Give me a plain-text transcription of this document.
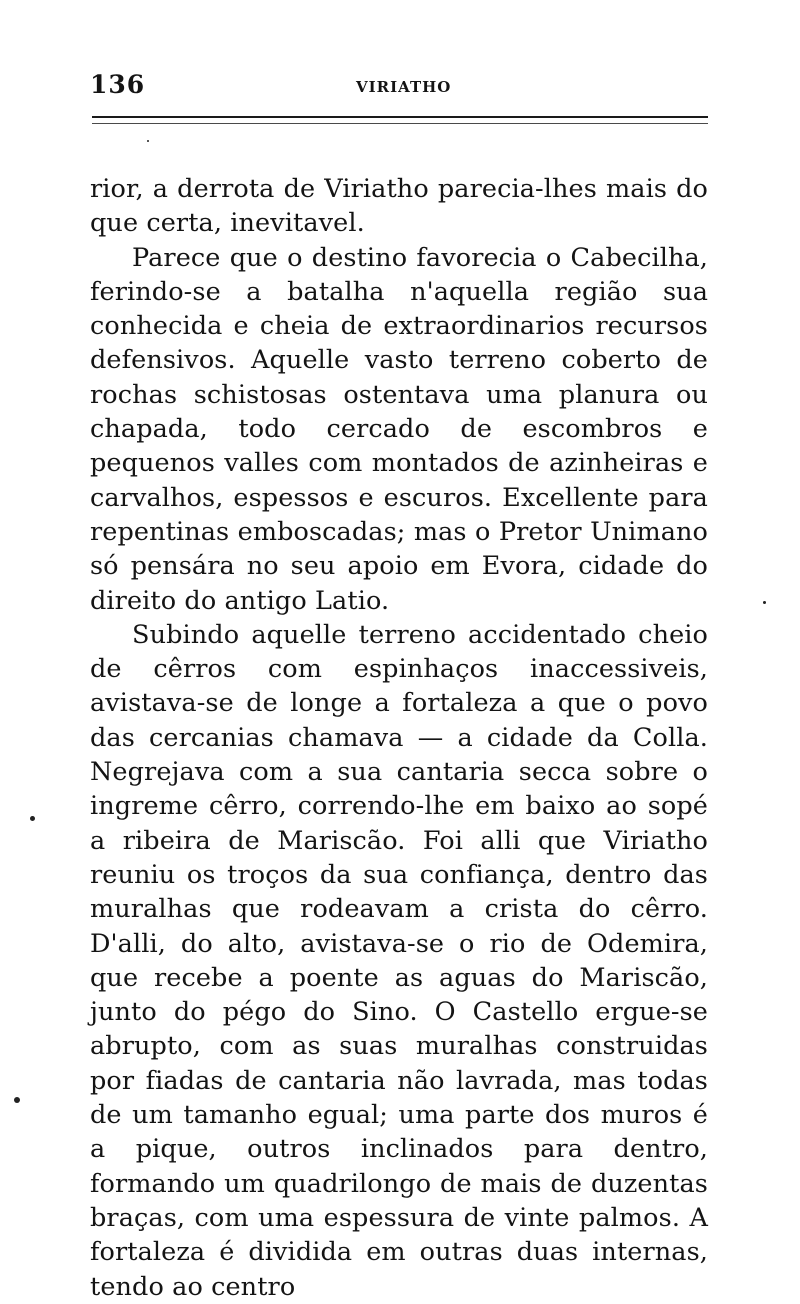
136	VIRIATHO

rior, a derrota de Viriatho parecia-lhes mais do que certa, inevitavel.

Parece que o destino favorecia o Cabecilha, ferindo-se a batalha n'aquella região sua conhecida e cheia de extraordinarios recursos defensivos. Aquelle vasto terreno coberto de rochas schistosas ostentava uma planura ou chapada, todo cercado de escombros e pequenos valles com montados de azinheiras e carvalhos, espessos e escuros. Excellente para repentinas emboscadas; mas o Pretor Unimano só pensára no seu apoio em Evora, cidade do direito do antigo Latio.

Subindo aquelle terreno accidentado cheio de cêrros com espinhaços inaccessiveis, avistava-se de longe a fortaleza a que o povo das cercanias chamava — a cidade da Colla. Negrejava com a sua cantaria secca sobre o ingreme cêrro, correndo-lhe em baixo ao sopé a ribeira de Mariscão. Foi alli que Viriatho reuniu os troços da sua confiança, dentro das muralhas que rodeavam a crista do cêrro. D'alli, do alto, avistava-se o rio de Odemira, que recebe a poente as aguas do Mariscão, junto do pégo do Sino. O Castello ergue-se abrupto, com as suas muralhas construidas por fiadas de cantaria não lavrada, mas todas de um tamanho egual; uma parte dos muros é a pique, outros inclinados para dentro, formando um quadrilongo de mais de duzentas braças, com uma espessura de vinte palmos. A fortaleza é dividida em outras duas internas, tendo ao centro
